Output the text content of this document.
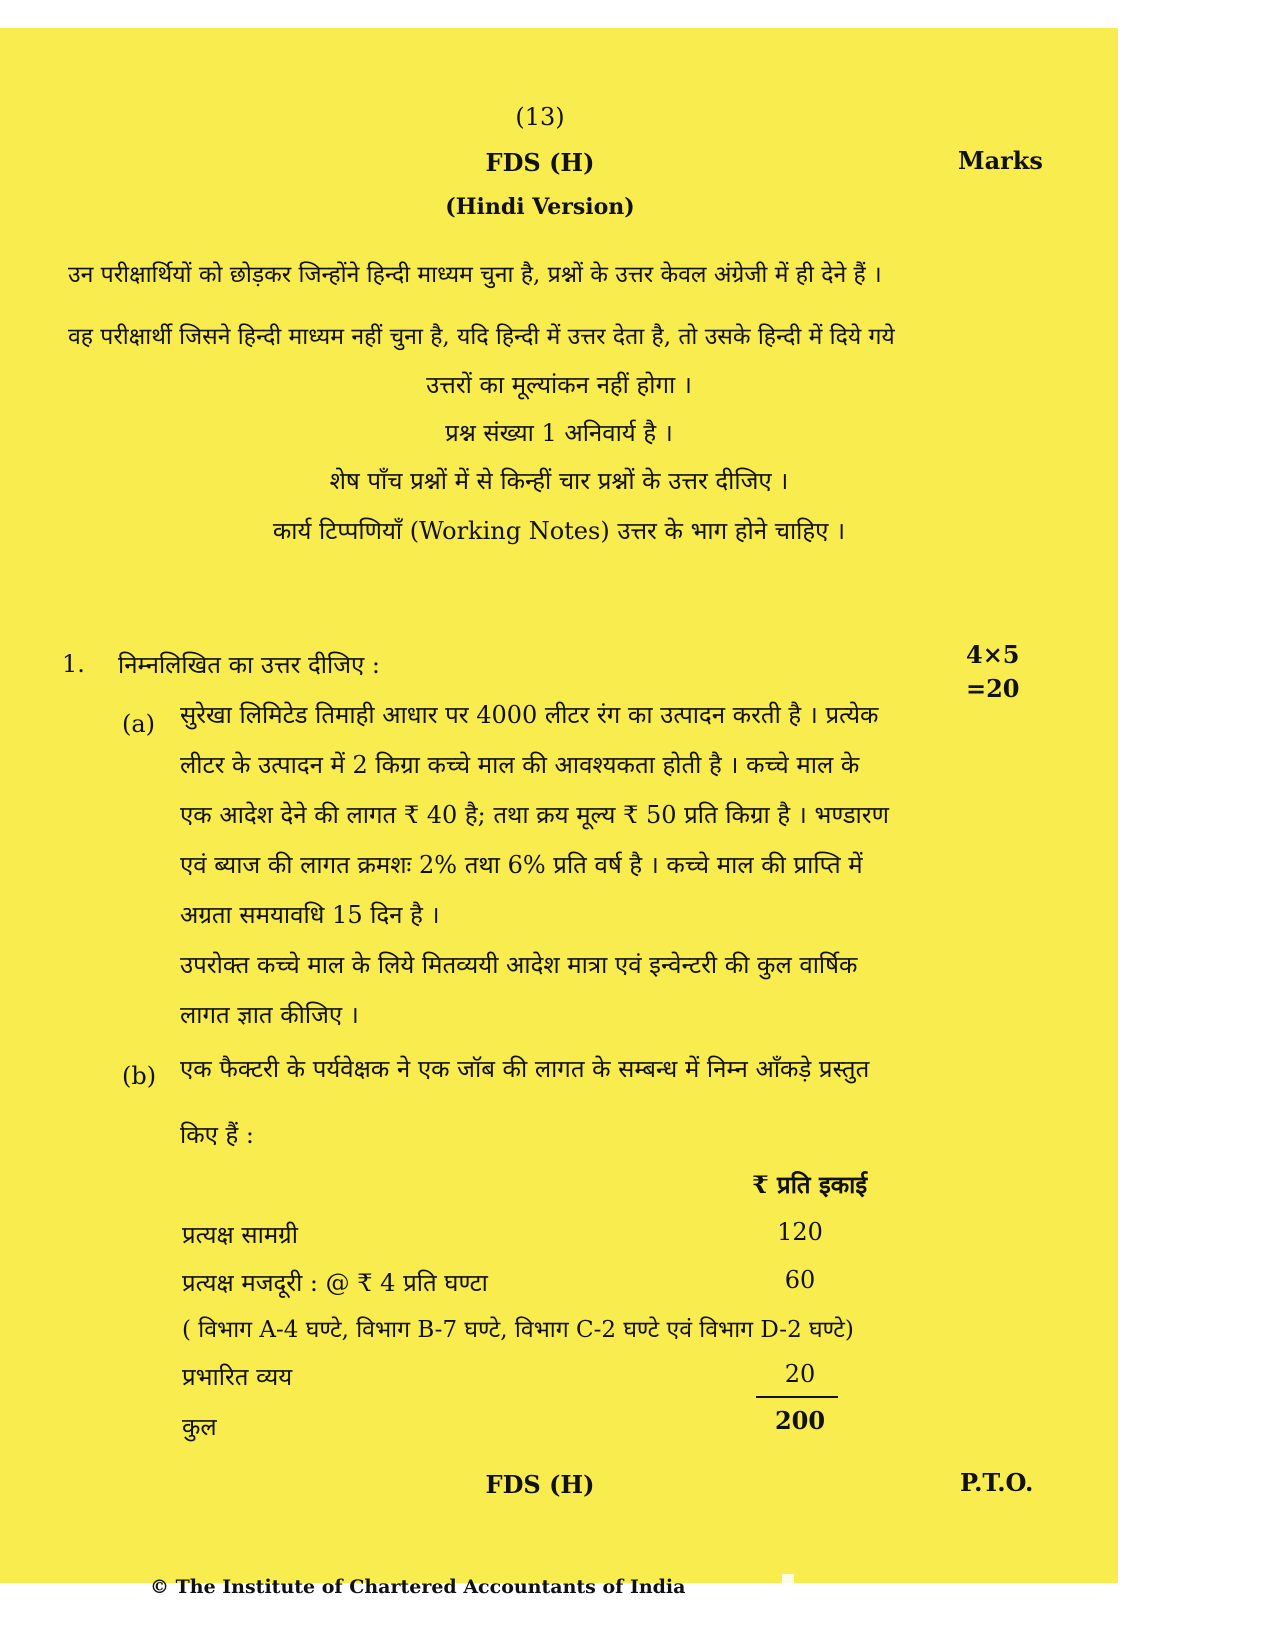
(13)
FDS (H)	Marks
(Hindi Version)
उन परीक्षार्थियों को छोड़कर जिन्होंने हिन्दी माध्यम चुना है, प्रश्नों के उत्तर केवल अंग्रेजी में ही देने हैं ।
वह परीक्षार्थी जिसने हिन्दी माध्यम नहीं चुना है, यदि हिन्दी में उत्तर देता है, तो उसके हिन्दी में दिये गये
उत्तरों का मूल्यांकन नहीं होगा ।
प्रश्न संख्या 1 अनिवार्य है ।
शेष पाँच प्रश्नों में से किन्हीं चार प्रश्नों के उत्तर दीजिए ।
कार्य टिप्पणियाँ (Working Notes) उत्तर के भाग होने चाहिए ।
1. निम्नलिखित का उत्तर दीजिए :	4×5
=20
(a) सुरेखा लिमिटेड तिमाही आधार पर 4000 लीटर रंग का उत्पादन करती है । प्रत्येक
लीटर के उत्पादन में 2 किग्रा कच्चे माल की आवश्यकता होती है । कच्चे माल के
एक आदेश देने की लागत ₹ 40 है; तथा क्रय मूल्य ₹ 50 प्रति किग्रा है । भण्डारण
एवं ब्याज की लागत क्रमशः 2% तथा 6% प्रति वर्ष है । कच्चे माल की प्राप्ति में
अग्रता समयावधि 15 दिन है ।
उपरोक्त कच्चे माल के लिये मितव्ययी आदेश मात्रा एवं इन्वेन्टरी की कुल वार्षिक
लागत ज्ञात कीजिए ।
(b) एक फैक्टरी के पर्यवेक्षक ने एक जॉब की लागत के सम्बन्ध में निम्न आँकड़े प्रस्तुत
किए हैं :
₹ प्रति इकाई
प्रत्यक्ष सामग्री	120
प्रत्यक्ष मजदूरी : @ ₹ 4 प्रति घण्टा	60
( विभाग A-4 घण्टे, विभाग B-7 घण्टे, विभाग C-2 घण्टे एवं विभाग D-2 घण्टे)
प्रभारित व्यय	20
कुल	200
FDS (H)	P.T.O.
© The Institute of Chartered Accountants of India
